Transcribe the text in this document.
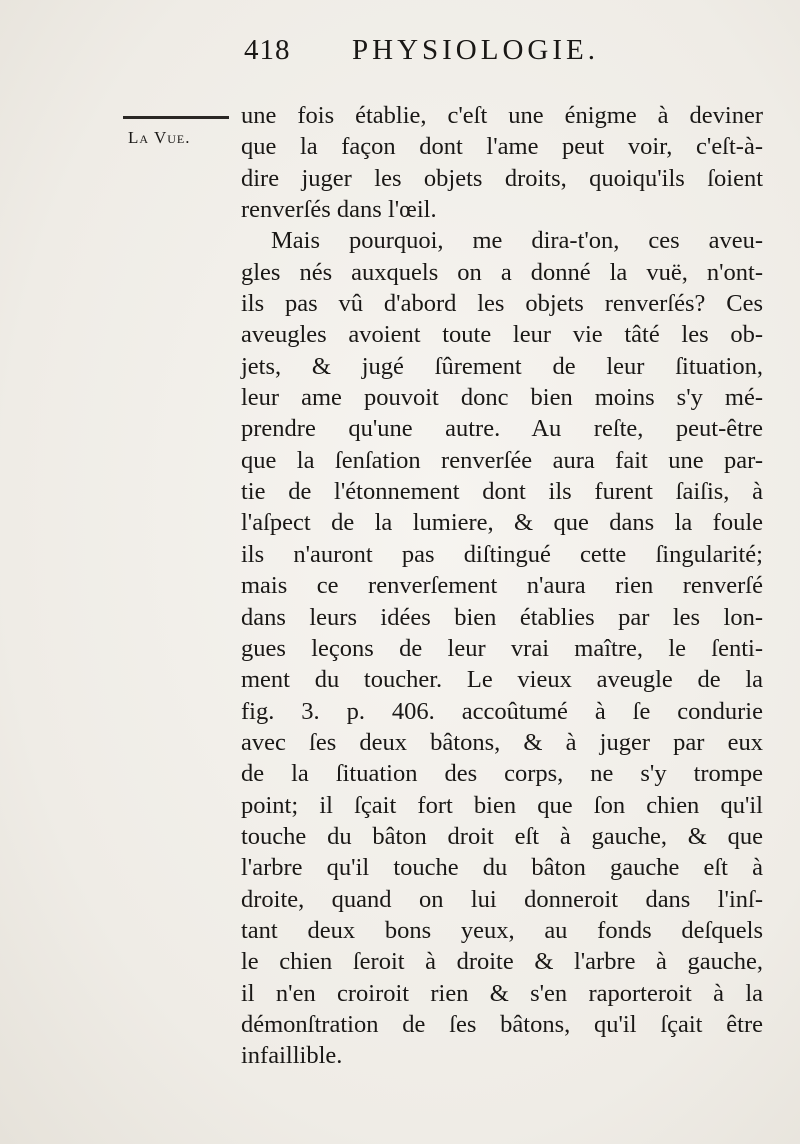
418 PHYSIOLOGIE.
La Vue.
une fois établie, c'eſt une énigme à deviner
que la façon dont l'ame peut voir, c'eſt-à-
dire juger les objets droits, quoiqu'ils ſoient
renverſés dans l'œil.
Mais pourquoi, me dira-t'on, ces aveu-
gles nés auxquels on a donné la vuë, n'ont-
ils pas vû d'abord les objets renverſés? Ces
aveugles avoient toute leur vie tâté les ob-
jets, & jugé ſûrement de leur ſituation,
leur ame pouvoit donc bien moins s'y mé-
prendre qu'une autre. Au reſte, peut-être
que la ſenſation renverſée aura fait une par-
tie de l'étonnement dont ils furent ſaiſis, à
l'aſpect de la lumiere, & que dans la foule
ils n'auront pas diſtingué cette ſingularité;
mais ce renverſement n'aura rien renverſé
dans leurs idées bien établies par les lon-
gues leçons de leur vrai maître, le ſenti-
ment du toucher. Le vieux aveugle de la
fig. 3. p. 406. accoûtumé à ſe condurie
avec ſes deux bâtons, & à juger par eux
de la ſituation des corps, ne s'y trompe
point; il ſçait fort bien que ſon chien qu'il
touche du bâton droit eſt à gauche, & que
l'arbre qu'il touche du bâton gauche eſt à
droite, quand on lui donneroit dans l'inſ-
tant deux bons yeux, au fonds deſquels
le chien ſeroit à droite & l'arbre à gauche,
il n'en croiroit rien & s'en raporteroit à la
démonſtration de ſes bâtons, qu'il ſçait être
infaillible.
